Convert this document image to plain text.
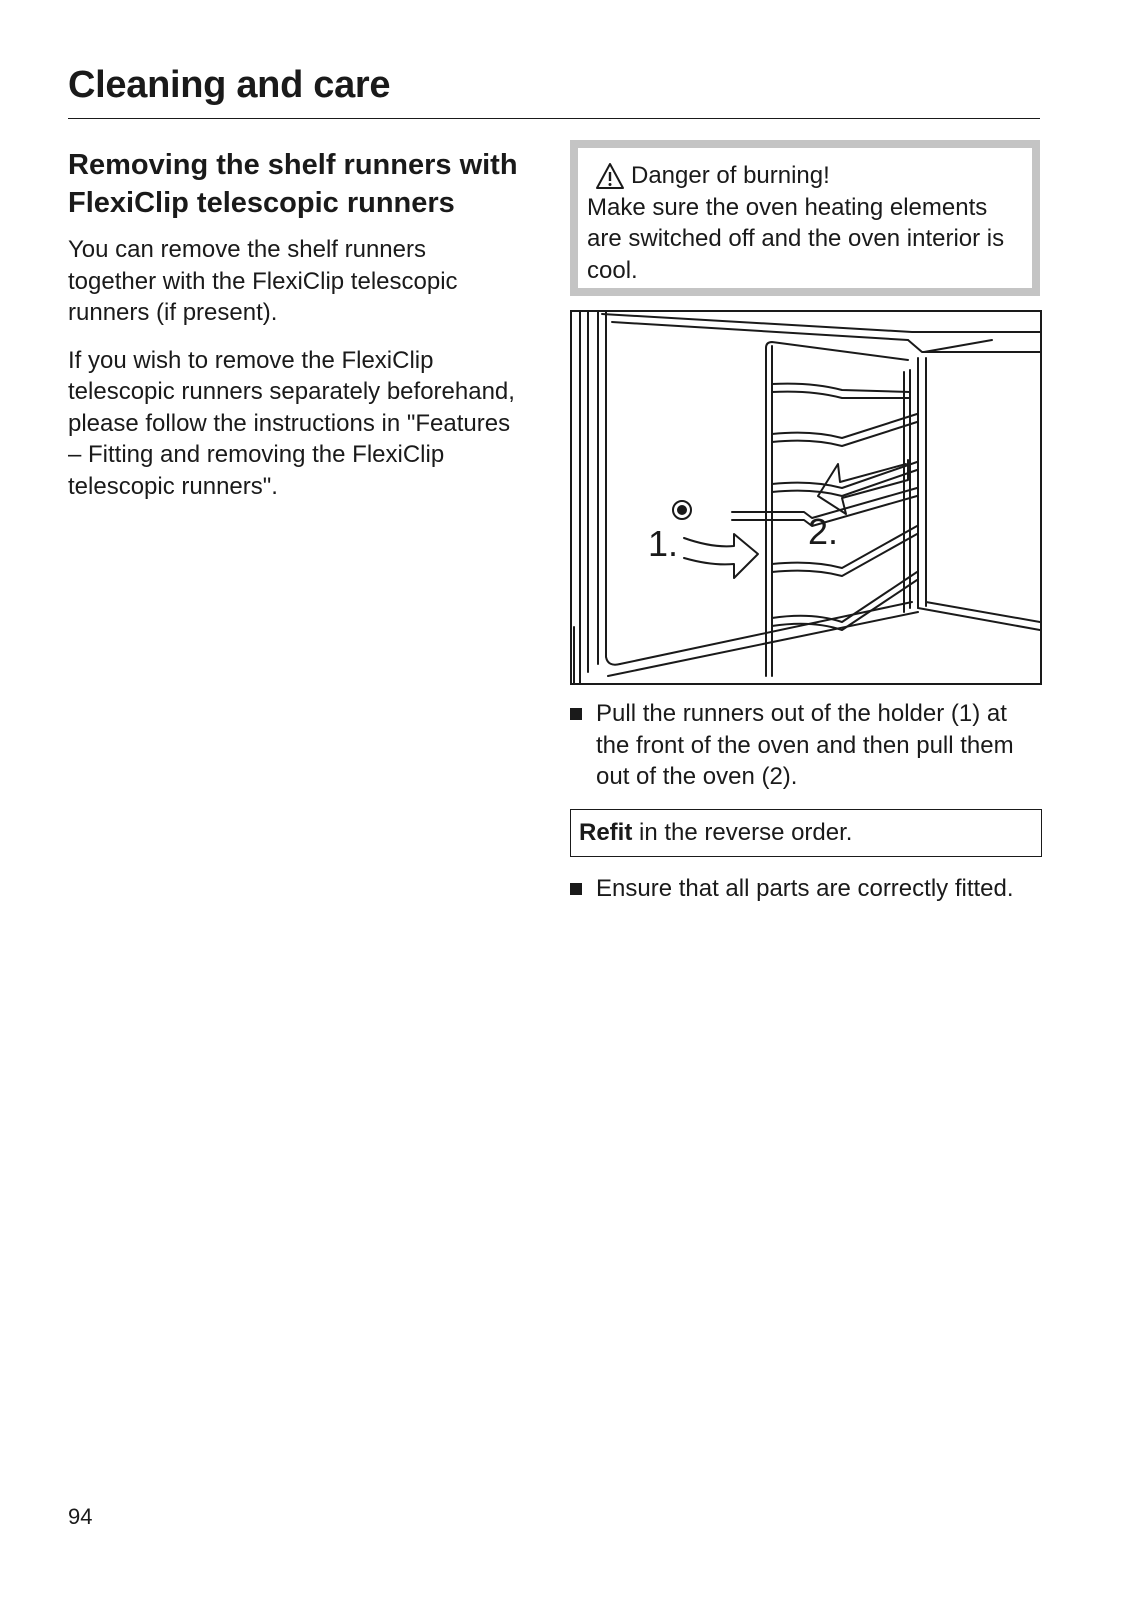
Cleaning and care
Removing the shelf runners with FlexiClip telescopic runners

You can remove the shelf runners together with the FlexiClip telescopic runners (if present).

If you wish to remove the FlexiClip telescopic runners separately beforehand, please follow the instructions in "Features – Fitting and removing the FlexiClip telescopic runners".

Danger of burning!
Make sure the oven heating elements are switched off and the oven interior is cool.
1.	2.
Pull the runners out of the holder (1) at the front of the oven and then pull them out of the oven (2).
Refit in the reverse order.
Ensure that all parts are correctly fitted.
94
